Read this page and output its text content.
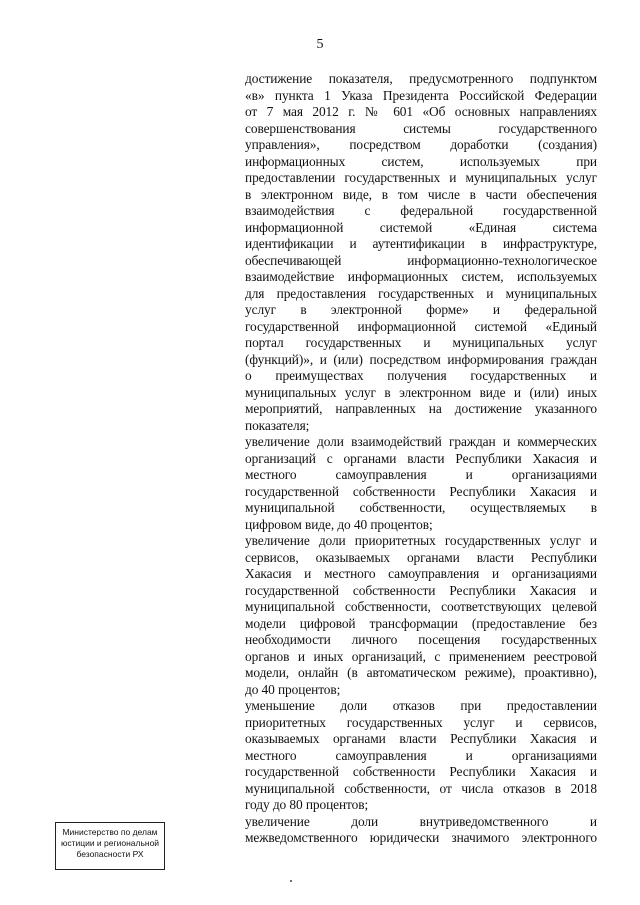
5
достижение показателя, предусмотренного подпунктом
«в» пункта 1 Указа Президента Российской Федерации
от 7 мая 2012 г. № 601 «Об основных направлениях
совершенствования системы государственного
управления», посредством доработки (создания)
информационных систем, используемых при
предоставлении государственных и муниципальных услуг
в электронном виде, в том числе в части обеспечения
взаимодействия с федеральной государственной
информационной системой «Единая система
идентификации и аутентификации в инфраструктуре,
обеспечивающей информационно-технологическое
взаимодействие информационных систем, используемых
для предоставления государственных и муниципальных
услуг в электронной форме» и федеральной
государственной информационной системой «Единый
портал государственных и муниципальных услуг
(функций)», и (или) посредством информирования граждан
о преимуществах получения государственных и
муниципальных услуг в электронном виде и (или) иных
мероприятий, направленных на достижение указанного
показателя;
увеличение доли взаимодействий граждан и коммерческих
организаций с органами власти Республики Хакасия и
местного самоуправления и организациями
государственной собственности Республики Хакасия и
муниципальной собственности, осуществляемых в
цифровом виде, до 40 процентов;
увеличение доли приоритетных государственных услуг и
сервисов, оказываемых органами власти Республики
Хакасия и местного самоуправления и организациями
государственной собственности Республики Хакасия и
муниципальной собственности, соответствующих целевой
модели цифровой трансформации (предоставление без
необходимости личного посещения государственных
органов и иных организаций, с применением реестровой
модели, онлайн (в автоматическом режиме), проактивно),
до 40 процентов;
уменьшение доли отказов при предоставлении
приоритетных государственных услуг и сервисов,
оказываемых органами власти Республики Хакасия и
местного самоуправления и организациями
государственной собственности Республики Хакасия и
муниципальной собственности, от числа отказов в 2018
году до 80 процентов;
увеличение доли внутриведомственного и
межведомственного юридически значимого электронного
Министерство по делам
юстиции и региональной
безопасности РХ
